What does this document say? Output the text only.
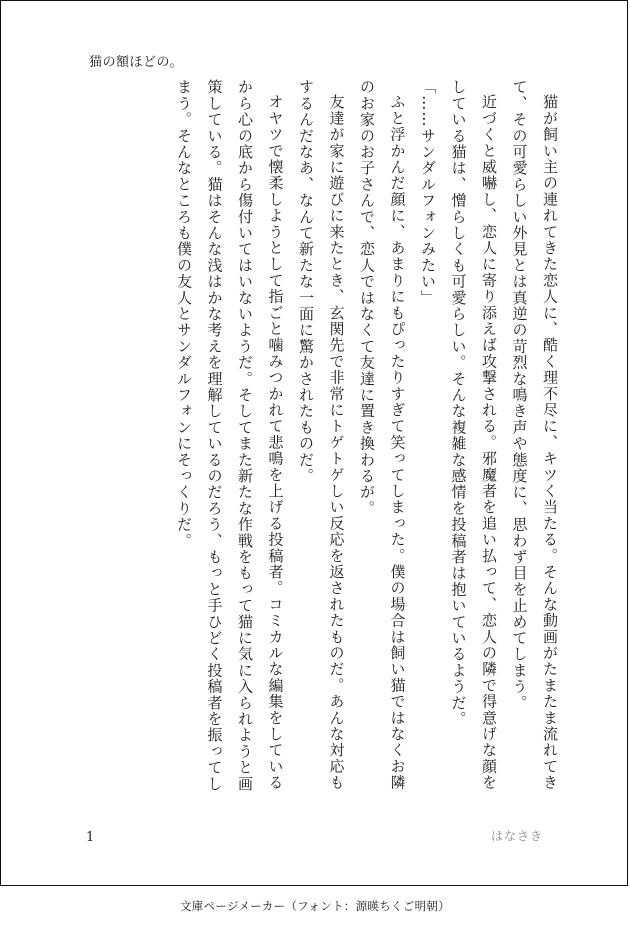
猫の額ほどの。

猫が飼い主の連れてきた恋人に、酷く理不尽に、キツく当たる。そんな動画がたまたま流れてきて、その可愛らしい外見とは真逆の苛烈な鳴き声や態度に、思わず目を止めてしまう。

近づくと威嚇し、恋人に寄り添えば攻撃される。邪魔者を追い払って、恋人の隣で得意げな顔をしている猫は、憎らしくも可愛らしい。そんな複雑な感情を投稿者は抱いているようだ。

「……サンダルフォンみたい」

ふと浮かんだ顔に、あまりにもぴったりすぎて笑ってしまった。僕の場合は飼い猫ではなくお隣のお家のお子さんで、恋人ではなくて友達に置き換わるが。

友達が家に遊びに来たとき、玄関先で非常にトゲトゲしい反応を返されたものだ。あんな対応もするんだなあ、なんて新たな一面に驚かされたものだ。

オヤツで懐柔しようとして指ごと噛みつかれて悲鳴を上げる投稿者。コミカルな編集をしているから心の底から傷付いてはいないようだ。そしてまた新たな作戦をもって猫に気に入られようと画策している。猫はそんな浅はかな考えを理解しているのだろう、もっと手ひどく投稿者を振ってしまう。そんなところも僕の友人とサンダルフォンにそっくりだ。

1	はなさき
文庫ページメーカー（フォント：源暎ちくご明朝）
